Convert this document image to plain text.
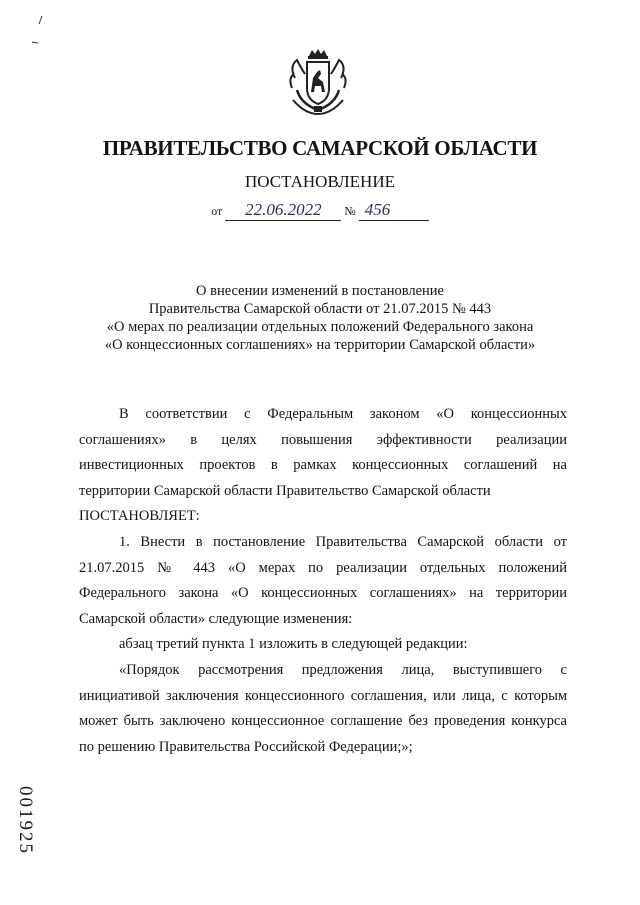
ПРАВИТЕЛЬСТВО САМАРСКОЙ ОБЛАСТИ
ПОСТАНОВЛЕНИЕ
от 22.06.2022 № 456
О внесении изменений в постановление
Правительства Самарской области от 21.07.2015 № 443
«О мерах по реализации отдельных положений Федерального закона
«О концессионных соглашениях» на территории Самарской области»

В соответствии с Федеральным законом «О концессионных соглашениях» в целях повышения эффективности реализации инвестиционных проектов в рамках концессионных соглашений на территории Самарской области Правительство Самарской области

ПОСТАНОВЛЯЕТ:

1. Внести в постановление Правительства Самарской области от 21.07.2015 № 443 «О мерах по реализации отдельных положений Федерального закона «О концессионных соглашениях» на территории Самарской области» следующие изменения:

абзац третий пункта 1 изложить в следующей редакции:

«Порядок рассмотрения предложения лица, выступившего с инициативой заключения концессионного соглашения, или лица, с которым может быть заключено концессионное соглашение без проведения конкурса по решению Правительства Российской Федерации;»;

001925
